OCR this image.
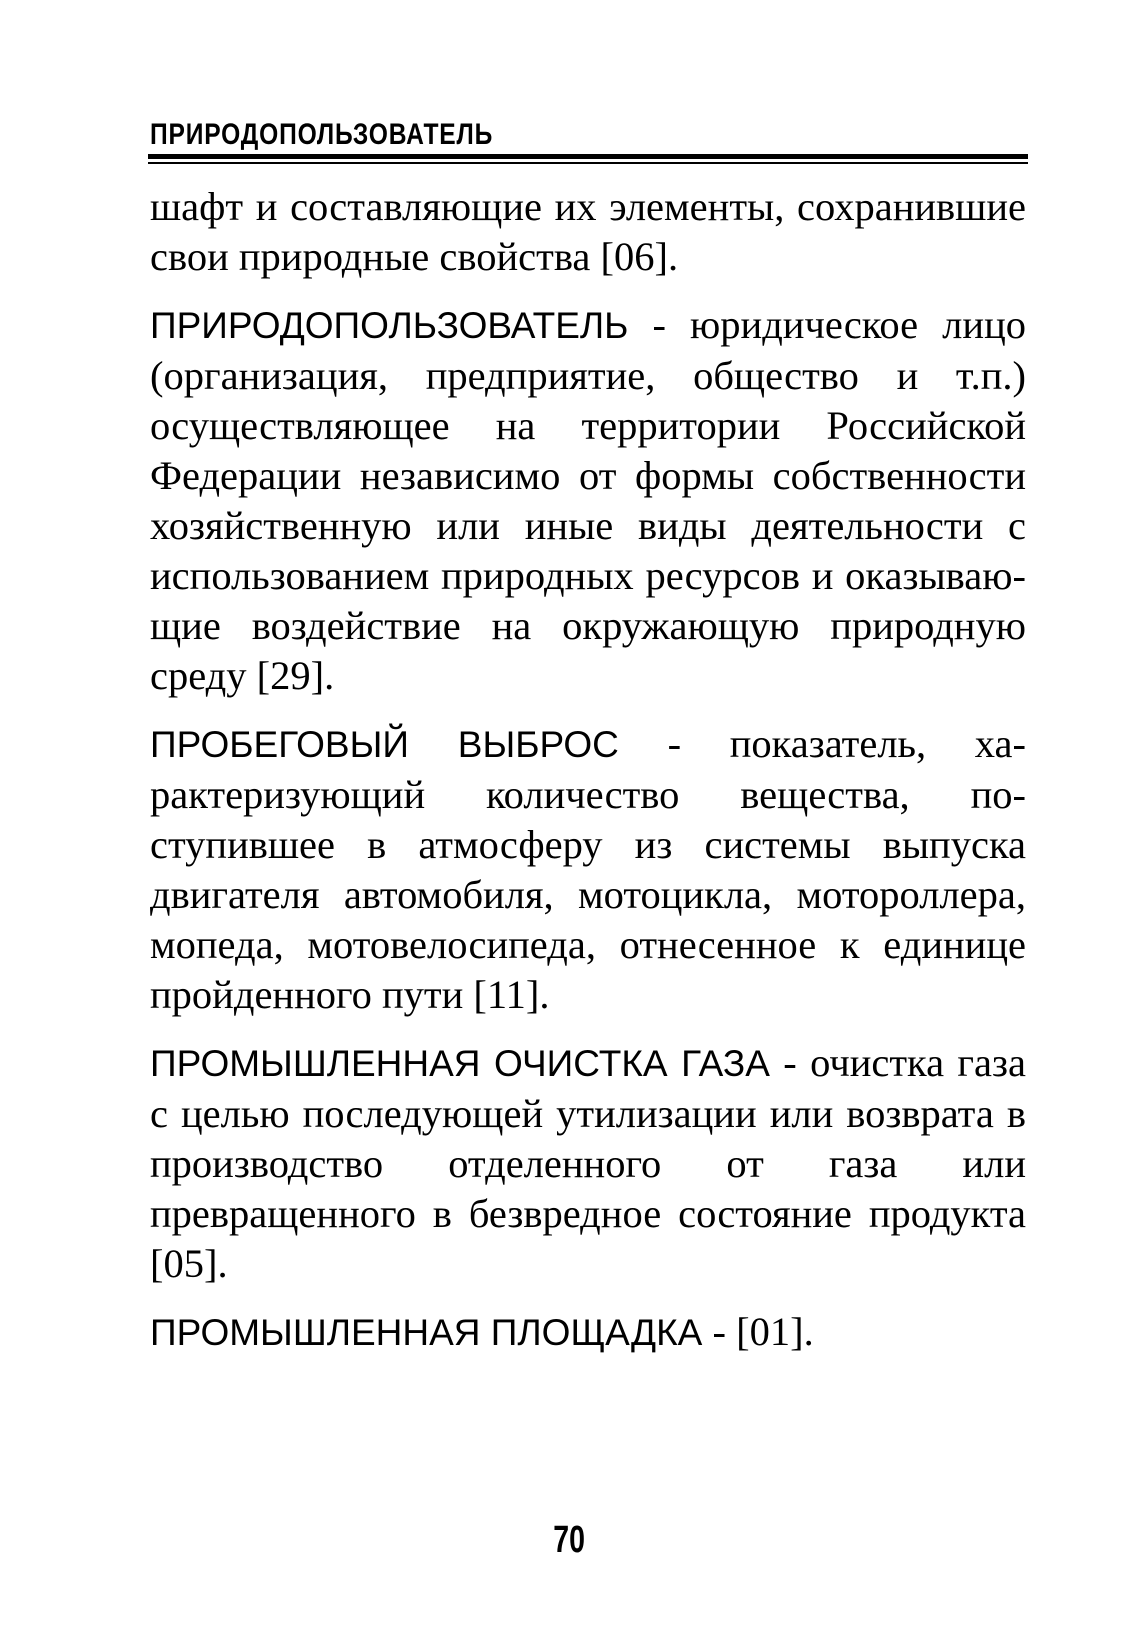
ПРИРОДОПОЛЬЗОВАТЕЛЬ

шафт и составляющие их элементы, сохранившие свои природные свойства [06].

ПРИРОДОПОЛЬЗОВАТЕЛЬ - юридическое лицо (организация, предприятие, общество и т.п.) осуществляющее на территории Российской Федерации независимо от формы собственности хозяйственную или иные виды деятельности с использованием природных ресурсов и оказывающие воздействие на окружающую природную среду [29].

ПРОБЕГОВЫЙ ВЫБРОС - показатель, характеризующий количество вещества, поступившее в атмосферу из системы выпуска двигателя автомобиля, мотоцикла, мотороллера, мопеда, мотовелосипеда, отнесенное к единице пройденного пути [11].

ПРОМЫШЛЕННАЯ ОЧИСТКА ГАЗА - очистка газа с целью последующей утилизации или возврата в производство отделенного от газа или превращенного в безвредное состояние продукта [05].

ПРОМЫШЛЕННАЯ ПЛОЩАДКА - [01].

70
